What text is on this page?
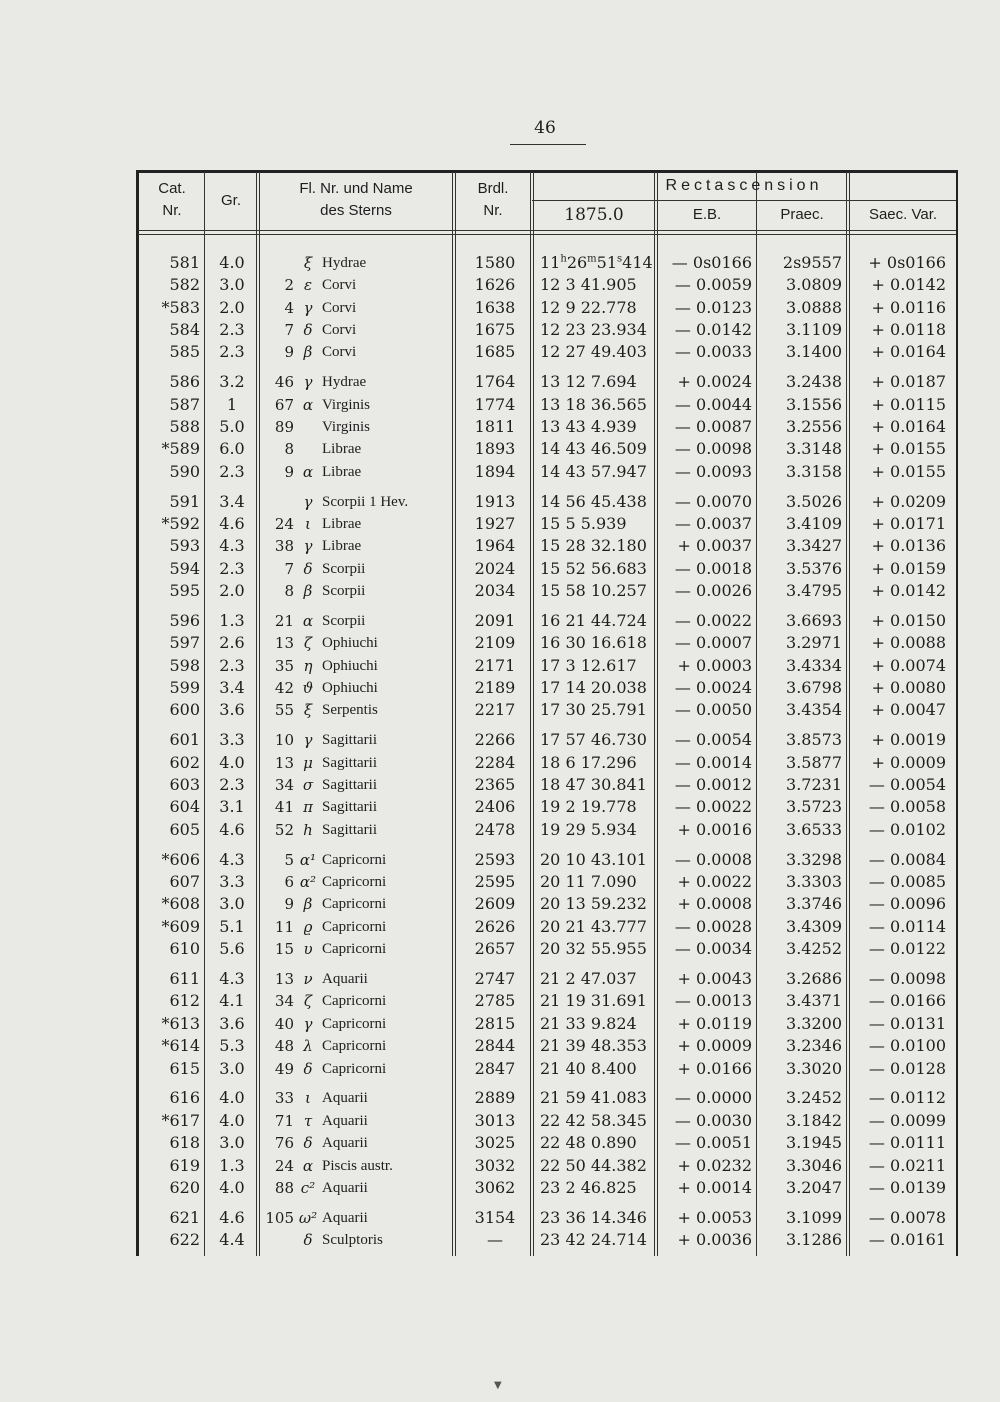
46
Cat.
Nr.
Gr.
Fl. Nr. und Name
des Sterns
Brdl.
Nr.
Rectascension
1875.0	E.B.	Praec.	Saec. Var.
581	4.0	ξ Hydrae	1580	11$^h$26$^m$51$^s$414	— 0s0166	2s9557	+ 0s0166
582	3.0	2 ε Corvi	1626	12 3 41.905	— 0.0059	3.0809	+ 0.0142
*583	2.0	4 γ Corvi	1638	12 9 22.778	— 0.0123	3.0888	+ 0.0116
584	2.3	7 δ Corvi	1675	12 23 23.934	— 0.0142	3.1109	+ 0.0118
585	2.3	9 β Corvi	1685	12 27 49.403	— 0.0033	3.1400	+ 0.0164
586	3.2	46 γ Hydrae	1764	13 12 7.694	+ 0.0024	3.2438	+ 0.0187
587	1	67 α Virginis	1774	13 18 36.565	— 0.0044	3.1556	+ 0.0115
588	5.0	89 Virginis	1811	13 43 4.939	— 0.0087	3.2556	+ 0.0164
*589	6.0	8 Librae	1893	14 43 46.509	— 0.0098	3.3148	+ 0.0155
590	2.3	9 α Librae	1894	14 43 57.947	— 0.0093	3.3158	+ 0.0155
591	3.4	γ Scorpii 1 Hev.	1913	14 56 45.438	— 0.0070	3.5026	+ 0.0209
*592	4.6	24 ι Librae	1927	15 5 5.939	— 0.0037	3.4109	+ 0.0171
593	4.3	38 γ Librae	1964	15 28 32.180	+ 0.0037	3.3427	+ 0.0136
594	2.3	7 δ Scorpii	2024	15 52 56.683	— 0.0018	3.5376	+ 0.0159
595	2.0	8 β Scorpii	2034	15 58 10.257	— 0.0026	3.4795	+ 0.0142
596	1.3	21 α Scorpii	2091	16 21 44.724	— 0.0022	3.6693	+ 0.0150
597	2.6	13 ζ Ophiuchi	2109	16 30 16.618	— 0.0007	3.2971	+ 0.0088
598	2.3	35 η Ophiuchi	2171	17 3 12.617	+ 0.0003	3.4334	+ 0.0074
599	3.4	42 ϑ Ophiuchi	2189	17 14 20.038	— 0.0024	3.6798	+ 0.0080
600	3.6	55 ξ Serpentis	2217	17 30 25.791	— 0.0050	3.4354	+ 0.0047
601	3.3	10 γ Sagittarii	2266	17 57 46.730	— 0.0054	3.8573	+ 0.0019
602	4.0	13 μ Sagittarii	2284	18 6 17.296	— 0.0014	3.5877	+ 0.0009
603	2.3	34 σ Sagittarii	2365	18 47 30.841	— 0.0012	3.7231	— 0.0054
604	3.1	41 π Sagittarii	2406	19 2 19.778	— 0.0022	3.5723	— 0.0058
605	4.6	52 h Sagittarii	2478	19 29 5.934	+ 0.0016	3.6533	— 0.0102
*606	4.3	5 α¹ Capricorni	2593	20 10 43.101	— 0.0008	3.3298	— 0.0084
607	3.3	6 α² Capricorni	2595	20 11 7.090	+ 0.0022	3.3303	— 0.0085
*608	3.0	9 β Capricorni	2609	20 13 59.232	+ 0.0008	3.3746	— 0.0096
*609	5.1	11 ϱ Capricorni	2626	20 21 43.777	— 0.0028	3.4309	— 0.0114
610	5.6	15 υ Capricorni	2657	20 32 55.955	— 0.0034	3.4252	— 0.0122
611	4.3	13 ν Aquarii	2747	21 2 47.037	+ 0.0043	3.2686	— 0.0098
612	4.1	34 ζ Capricorni	2785	21 19 31.691	— 0.0013	3.4371	— 0.0166
*613	3.6	40 γ Capricorni	2815	21 33 9.824	+ 0.0119	3.3200	— 0.0131
*614	5.3	48 λ Capricorni	2844	21 39 48.353	+ 0.0009	3.2346	— 0.0100
615	3.0	49 δ Capricorni	2847	21 40 8.400	+ 0.0166	3.3020	— 0.0128
616	4.0	33 ι Aquarii	2889	21 59 41.083	— 0.0000	3.2452	— 0.0112
*617	4.0	71 τ Aquarii	3013	22 42 58.345	— 0.0030	3.1842	— 0.0099
618	3.0	76 δ Aquarii	3025	22 48 0.890	— 0.0051	3.1945	— 0.0111
619	1.3	24 α Piscis austr.	3032	22 50 44.382	+ 0.0232	3.3046	— 0.0211
620	4.0	88 c² Aquarii	3062	23 2 46.825	+ 0.0014	3.2047	— 0.0139
621	4.6	105 ω² Aquarii	3154	23 36 14.346	+ 0.0053	3.1099	— 0.0078
622	4.4	δ Sculptoris	—	23 42 24.714	+ 0.0036	3.1286	— 0.0161
▼
